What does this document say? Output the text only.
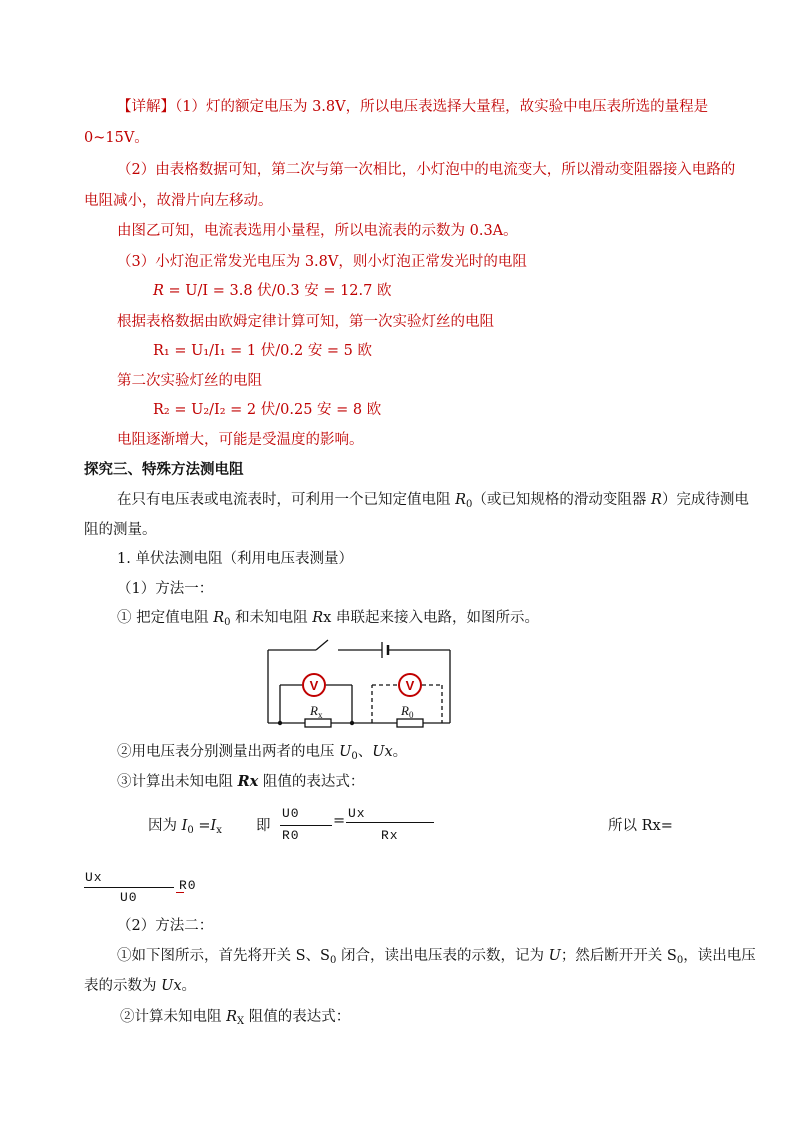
【详解】（1）灯的额定电压为 3.8V，所以电压表选择大量程，故实验中电压表所选的量程是
0~15V。
（2）由表格数据可知，第二次与第一次相比，小灯泡中的电流变大，所以滑动变阻器接入电路的
电阻减小，故滑片向左移动。
由图乙可知，电流表选用小量程，所以电流表的示数为 0.3A。
（3）小灯泡正常发光电压为 3.8V，则小灯泡正常发光时的电阻
R = U/I = 3.8 伏/0.3 安 = 12.7 欧
根据表格数据由欧姆定律计算可知，第一次实验灯丝的电阻
R₁ = U₁/I₁ = 1 伏/0.2 安 = 5 欧
第二次实验灯丝的电阻
R₂ = U₂/I₂ = 2 伏/0.25 安 = 8 欧
电阻逐渐增大，可能是受温度的影响。
探究三、特殊方法测电阻
在只有电压表或电流表时，可利用一个已知定值电阻 $R_0$（或已知规格的滑动变阻器 R）完成待测电
阻的测量。
1. 单伏法测电阻（利用电压表测量）
（1）方法一：
① 把定值电阻 $R_0$ 和未知电阻 Rx 串联起来接入电路，如图所示。
V	V
$R_x$	$R_0$
②用电压表分别测量出两者的电压 $U_0$、Ux。
③计算出未知电阻 Rx 阻值的表达式：
因为 $I_0 =I_x$ 即
U0
R0
= Ux
Rx
所以 Rx=
Ux
U0
R0
（2）方法二：
①如下图所示，首先将开关 S、$S_0$ 闭合，读出电压表的示数，记为 U；然后断开开关 $S_0$，读出电压
表的示数为 Ux。
②计算未知电阻 $R_X$ 阻值的表达式：
